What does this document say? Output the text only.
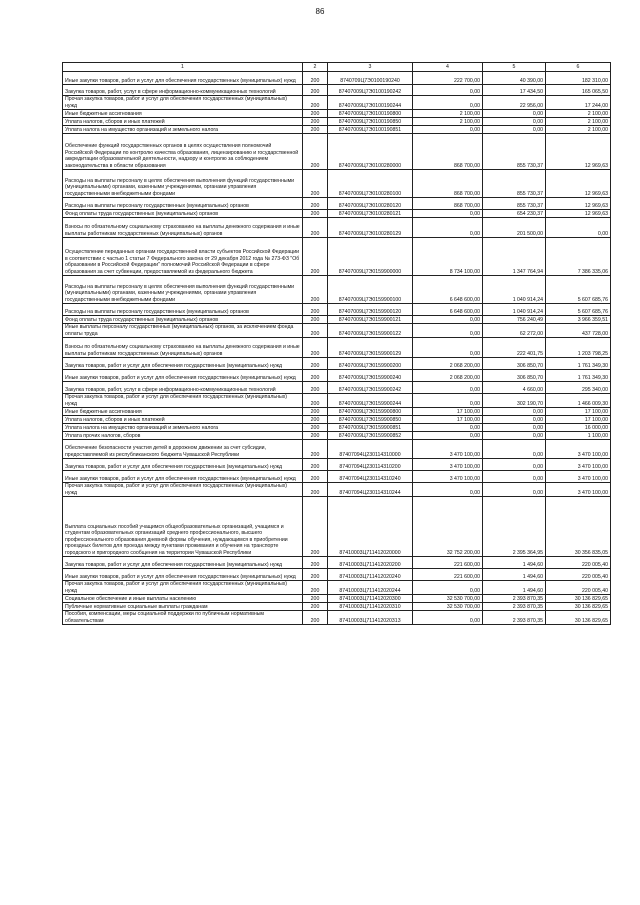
86
1	2	3	4	5	6
Иные закупки товаров, работ и услуг для обеспечения государственных (муниципальных) нужд	200	8740709Ц7Э0100190240	222 700,00	40 390,00	182 310,00
Закупка товаров, работ, услуг в сфере информационно-коммуникационных технологий	200	87407009Ц7Э0100190242	0,00	17 434,50	165 065,50
Прочая закупка товаров, работ и услуг для обеспечения государственных (муниципальных) нужд	200	87407009Ц7Э0100190244	0,00	22 956,00	17 244,00
Иные бюджетные ассигнования	200	87407009Ц7Э0100190800	2 100,00	0,00	2 100,00
Уплата налогов, сборов и иных платежей	200	87407009Ц7Э0100190850	2 100,00	0,00	2 100,00
Уплата налога на имущество организаций и земельного налога	200	87407009Ц7Э0100190851	0,00	0,00	2 100,00
Обеспечение функций государственных органов в целях осуществления полномочий Российской Федерации по контролю качества образования, лицензированию и государственной аккредитации образовательной деятельности, надзору и контролю за соблюдением законодательства в области образования	200	87407009Ц7Э0100280000	868 700,00	855 730,37	12 969,63
Расходы на выплаты персоналу в целях обеспечения выполнения функций государственными (муниципальными) органами, казенными учреждениями, органами управления государственными внебюджетными фондами	200	87407009Ц7Э0100280100	868 700,00	855 730,37	12 969,63
Расходы на выплаты персоналу государственных (муниципальных) органов	200	87407009Ц7Э0100280120	868 700,00	855 730,37	12 969,63
Фонд оплаты труда государственных (муниципальных) органов	200	87407009Ц7Э0100280121	0,00	654 230,37	12 969,63
Взносы по обязательному социальному страхованию на выплаты денежного содержания и иные выплаты работникам государственных (муниципальных) органов	200	87407009Ц7Э0100280129	0,00	201 500,00	0,00
Осуществление переданных органам государственной власти субъектов Российской Федерации в соответствии с частью 1 статьи 7 Федерального закона от 29 декабря 2012 года № 273-ФЗ "Об образовании в Российской Федерации" полномочий Российской Федерации в сфере образования за счет субвенции, предоставляемой из федерального бюджета	200	87407009Ц7Э0159900000	8 734 100,00	1 347 764,94	7 386 335,06
Расходы на выплаты персоналу в целях обеспечения выполнения функций государственными (муниципальными) органами, казенными учреждениями, органами управления государственными внебюджетными фондами	200	87407009Ц7Э0159900100	6 648 600,00	1 040 914,24	5 607 685,76
Расходы на выплаты персоналу государственных (муниципальных) органов	200	87407009Ц7Э0159900120	6 648 600,00	1 040 914,24	5 607 685,76
Фонд оплаты труда государственных (муниципальных) органов	200	87407009Ц7Э0159900121	0,00	756 240,49	3 966 359,51
Иные выплаты персоналу государственных (муниципальных) органов, за исключением фонда оплаты труда	200	87407009Ц7Э0159900122	0,00	62 272,00	437 728,00
Взносы по обязательному социальному страхованию на выплаты денежного содержания и иные выплаты работникам государственных (муниципальных) органов	200	87407009Ц7Э0159900129	0,00	222 401,75	1 203 798,25
Закупка товаров, работ и услуг для обеспечения государственных (муниципальных) нужд	200	87407009Ц7Э0159900200	2 068 200,00	306 850,70	1 761 349,30
Иные закупки товаров, работ и услуг для обеспечения государственных (муниципальных) нужд	200	87407009Ц7Э0159900240	2 068 200,00	306 850,70	1 761 349,30
Закупка товаров, работ, услуг в сфере информационно-коммуникационных технологий	200	87407009Ц7Э0159900242	0,00	4 660,00	295 340,00
Прочая закупка товаров, работ и услуг для обеспечения государственных (муниципальных) нужд	200	87407009Ц7Э0159900244	0,00	302 190,70	1 466 009,30
Иные бюджетные ассигнования	200	87407009Ц7Э0159900800	17 100,00	0,00	17 100,00
Уплата налогов, сборов и иных платежей	200	87407009Ц7Э0159900850	17 100,00	0,00	17 100,00
Уплата налога на имущество организаций и земельного налога	200	87407009Ц7Э0159900851	0,00	0,00	16 000,00
Уплата прочих налогов, сборов	200	87407009Ц7Э0159900852	0,00	0,00	1 100,00
Обеспечение безопасности участия детей в дорожном движении за счет субсидии, предоставляемой из республиканского бюджета Чувашской Республики	200	87407094Ц230114310000	3 470 100,00	0,00	3 470 100,00
Закупка товаров, работ и услуг для обеспечения государственных (муниципальных) нужд	200	87407094Ц230114310200	3 470 100,00	0,00	3 470 100,00
Иные закупки товаров, работ и услуг для обеспечения государственных (муниципальных) нужд	200	87407094Ц230114310240	3 470 100,00	0,00	3 470 100,00
Прочая закупка товаров, работ и услуг для обеспечения государственных (муниципальных) нужд	200	87407094Ц230114310244	0,00	0,00	3 470 100,00
Выплата социальных пособий учащимся общеобразовательных организаций, учащимся и студентам образовательных организаций среднего профессионального, высшего профессионального образования дневной формы обучения, нуждающимся в приобретении проездных билетов для проезда между пунктами проживания и обучения на транспорте городского и пригородного сообщения на территории Чувашской Республики	200	87410003Ц711412020000	32 752 200,00	2 395 364,95	30 356 835,05
Закупка товаров, работ и услуг для обеспечения государственных (муниципальных) нужд	200	87410003Ц711412020200	221 600,00	1 494,60	220 005,40
Иные закупки товаров, работ и услуг для обеспечения государственных (муниципальных) нужд	200	87410003Ц711412020240	221 600,00	1 494,60	220 005,40
Прочая закупка товаров, работ и услуг для обеспечения государственных (муниципальных) нужд	200	87410003Ц711412020244	0,00	1 494,60	220 005,40
Социальное обеспечение и иные выплаты населению	200	87410003Ц711412020300	32 530 700,00	2 393 870,35	30 136 829,65
Публичные нормативные социальные выплаты гражданам	200	87410003Ц711412020310	32 530 700,00	2 393 870,35	30 136 829,65
Пособия, компенсации, меры социальной поддержки по публичным нормативным обязательствам	200	87410003Ц711412020313	0,00	2 393 870,35	30 136 829,65
